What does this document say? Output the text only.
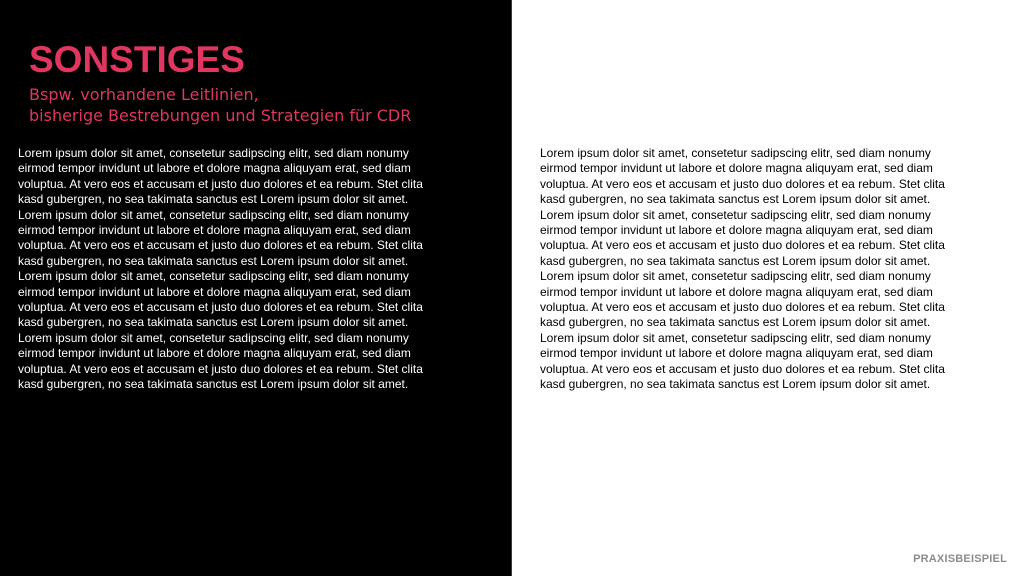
SONSTIGES
Bspw. vorhandene Leitlinien,
bisherige Bestrebungen und Strategien für CDR

Lorem ipsum dolor sit amet, consetetur sadipscing elitr, sed diam nonumy
eirmod tempor invidunt ut labore et dolore magna aliquyam erat, sed diam
voluptua. At vero eos et accusam et justo duo dolores et ea rebum. Stet clita
kasd gubergren, no sea takimata sanctus est Lorem ipsum dolor sit amet.
Lorem ipsum dolor sit amet, consetetur sadipscing elitr, sed diam nonumy
eirmod tempor invidunt ut labore et dolore magna aliquyam erat, sed diam
voluptua. At vero eos et accusam et justo duo dolores et ea rebum. Stet clita
kasd gubergren, no sea takimata sanctus est Lorem ipsum dolor sit amet.
Lorem ipsum dolor sit amet, consetetur sadipscing elitr, sed diam nonumy
eirmod tempor invidunt ut labore et dolore magna aliquyam erat, sed diam
voluptua. At vero eos et accusam et justo duo dolores et ea rebum. Stet clita
kasd gubergren, no sea takimata sanctus est Lorem ipsum dolor sit amet.
Lorem ipsum dolor sit amet, consetetur sadipscing elitr, sed diam nonumy
eirmod tempor invidunt ut labore et dolore magna aliquyam erat, sed diam
voluptua. At vero eos et accusam et justo duo dolores et ea rebum. Stet clita
kasd gubergren, no sea takimata sanctus est Lorem ipsum dolor sit amet.

Lorem ipsum dolor sit amet, consetetur sadipscing elitr, sed diam nonumy
eirmod tempor invidunt ut labore et dolore magna aliquyam erat, sed diam
voluptua. At vero eos et accusam et justo duo dolores et ea rebum. Stet clita
kasd gubergren, no sea takimata sanctus est Lorem ipsum dolor sit amet.
Lorem ipsum dolor sit amet, consetetur sadipscing elitr, sed diam nonumy
eirmod tempor invidunt ut labore et dolore magna aliquyam erat, sed diam
voluptua. At vero eos et accusam et justo duo dolores et ea rebum. Stet clita
kasd gubergren, no sea takimata sanctus est Lorem ipsum dolor sit amet.
Lorem ipsum dolor sit amet, consetetur sadipscing elitr, sed diam nonumy
eirmod tempor invidunt ut labore et dolore magna aliquyam erat, sed diam
voluptua. At vero eos et accusam et justo duo dolores et ea rebum. Stet clita
kasd gubergren, no sea takimata sanctus est Lorem ipsum dolor sit amet.
Lorem ipsum dolor sit amet, consetetur sadipscing elitr, sed diam nonumy
eirmod tempor invidunt ut labore et dolore magna aliquyam erat, sed diam
voluptua. At vero eos et accusam et justo duo dolores et ea rebum. Stet clita
kasd gubergren, no sea takimata sanctus est Lorem ipsum dolor sit amet.

PRAXISBEISPIEL
